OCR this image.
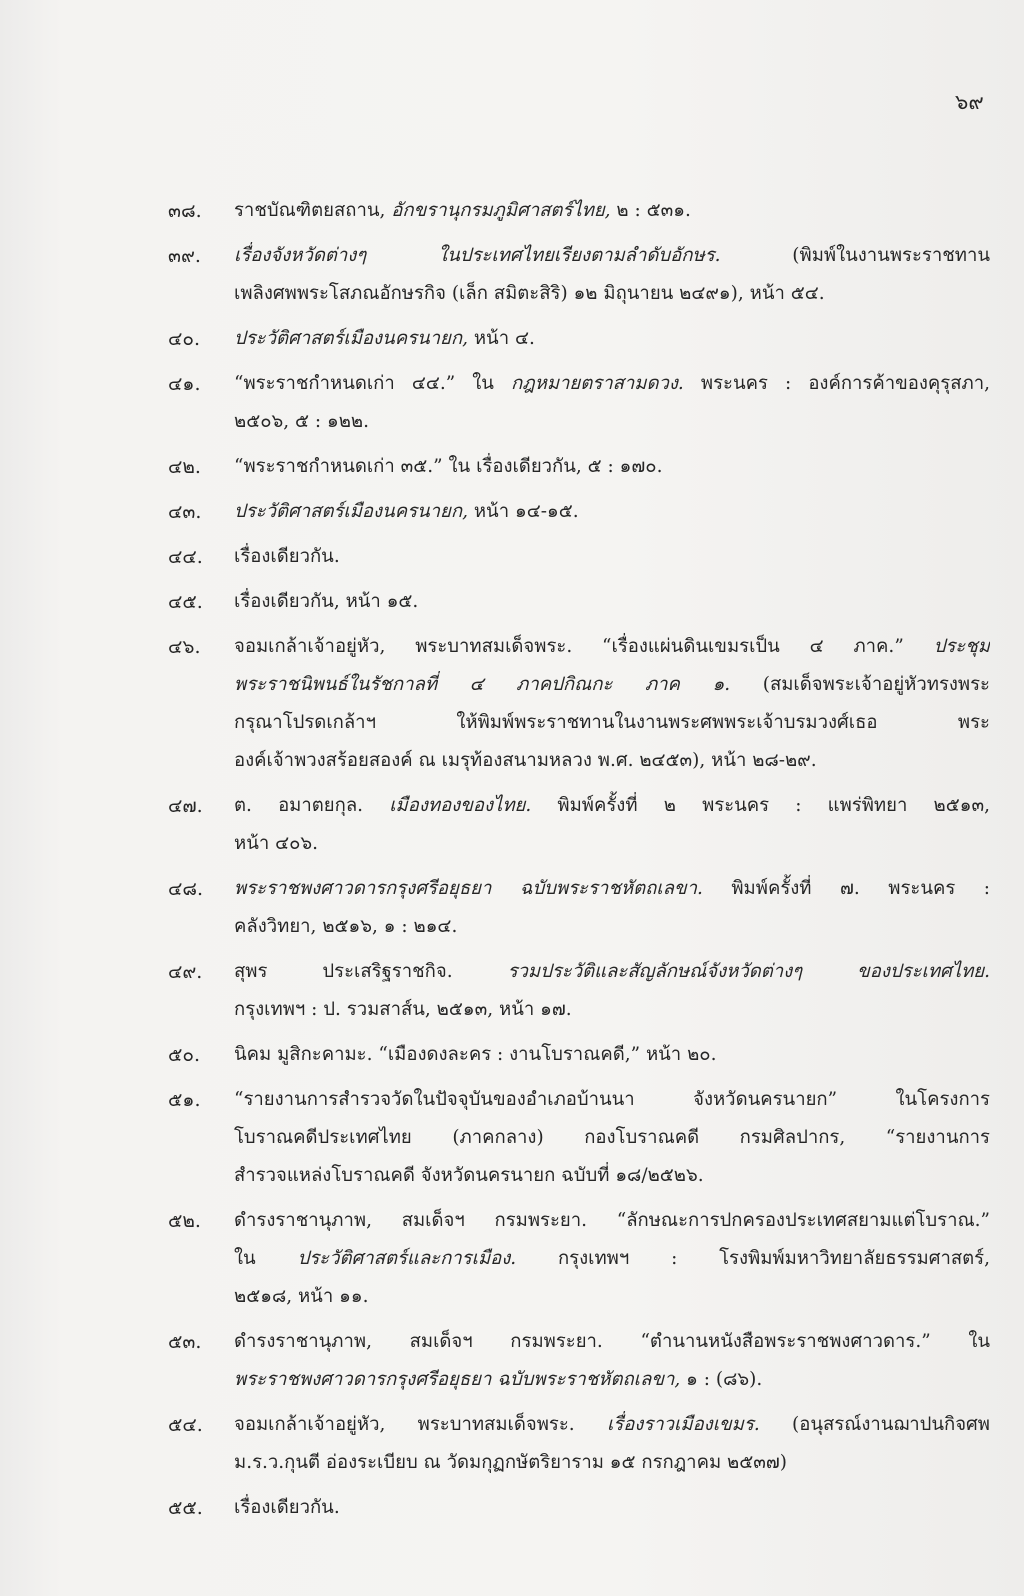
๖๙
๓๘.	ราชบัณฑิตยสถาน, อักขรานุกรมภูมิศาสตร์ไทย, ๒ : ๕๓๑.
๓๙.	เรื่องจังหวัดต่างๆ ในประเทศไทยเรียงตามลำดับอักษร. (พิมพ์ในงานพระราชทาน
เพลิงศพพระโสภณอักษรกิจ (เล็ก สมิตะสิริ) ๑๒ มิถุนายน ๒๔๙๑), หน้า ๕๔.
๔๐.	ประวัติศาสตร์เมืองนครนายก, หน้า ๔.
๔๑.	“พระราชกำหนดเก่า ๔๔.” ใน กฎหมายตราสามดวง. พระนคร : องค์การค้าของคุรุสภา,
๒๕๐๖, ๕ : ๑๒๒.
๔๒.	“พระราชกำหนดเก่า ๓๕.” ใน เรื่องเดียวกัน, ๕ : ๑๗๐.
๔๓.	ประวัติศาสตร์เมืองนครนายก, หน้า ๑๔-๑๕.
๔๔.	เรื่องเดียวกัน.
๔๕.	เรื่องเดียวกัน, หน้า ๑๕.
๔๖.	จอมเกล้าเจ้าอยู่หัว, พระบาทสมเด็จพระ. “เรื่องแผ่นดินเขมรเป็น ๔ ภาค.” ประชุม
พระราชนิพนธ์ในรัชกาลที่ ๔ ภาคปกิณกะ ภาค ๑. (สมเด็จพระเจ้าอยู่หัวทรงพระ
กรุณาโปรดเกล้าฯ ให้พิมพ์พระราชทานในงานพระศพพระเจ้าบรมวงศ์เธอ พระ
องค์เจ้าพวงสร้อยสองค์ ณ เมรุท้องสนามหลวง พ.ศ. ๒๔๕๓), หน้า ๒๘-๒๙.
๔๗.	ต. อมาตยกุล. เมืองทองของไทย. พิมพ์ครั้งที่ ๒ พระนคร : แพร่พิทยา ๒๕๑๓,
หน้า ๔๐๖.
๔๘.	พระราชพงศาวดารกรุงศรีอยุธยา ฉบับพระราชหัตถเลขา. พิมพ์ครั้งที่ ๗. พระนคร :
คลังวิทยา, ๒๕๑๖, ๑ : ๒๑๔.
๔๙.	สุพร ประเสริฐราชกิจ. รวมประวัติและสัญลักษณ์จังหวัดต่างๆ ของประเทศไทย.
กรุงเทพฯ : ป. รวมสาส์น, ๒๕๑๓, หน้า ๑๗.
๕๐.	นิคม มูสิกะคามะ. “เมืองดงละคร : งานโบราณคดี,” หน้า ๒๐.
๕๑.	“รายงานการสำรวจวัดในปัจจุบันของอำเภอบ้านนา จังหวัดนครนายก” ในโครงการ
โบราณคดีประเทศไทย (ภาคกลาง) กองโบราณคดี กรมศิลปากร, “รายงานการ
สำรวจแหล่งโบราณคดี จังหวัดนครนายก ฉบับที่ ๑๘/๒๕๒๖.
๕๒.	ดำรงราชานุภาพ, สมเด็จฯ กรมพระยา. “ลักษณะการปกครองประเทศสยามแต่โบราณ.”
ใน ประวัติศาสตร์และการเมือง. กรุงเทพฯ : โรงพิมพ์มหาวิทยาลัยธรรมศาสตร์,
๒๕๑๘, หน้า ๑๑.
๕๓.	ดำรงราชานุภาพ, สมเด็จฯ กรมพระยา. “ตำนานหนังสือพระราชพงศาวดาร.” ใน
พระราชพงศาวดารกรุงศรีอยุธยา ฉบับพระราชหัตถเลขา, ๑ : (๘๖).
๕๔.	จอมเกล้าเจ้าอยู่หัว, พระบาทสมเด็จพระ. เรื่องราวเมืองเขมร. (อนุสรณ์งานฌาปนกิจศพ
ม.ร.ว.กุนตี อ่องระเบียบ ณ วัดมกุฏกษัตริยาราม ๑๕ กรกฎาคม ๒๕๓๗)
๕๕.	เรื่องเดียวกัน.
